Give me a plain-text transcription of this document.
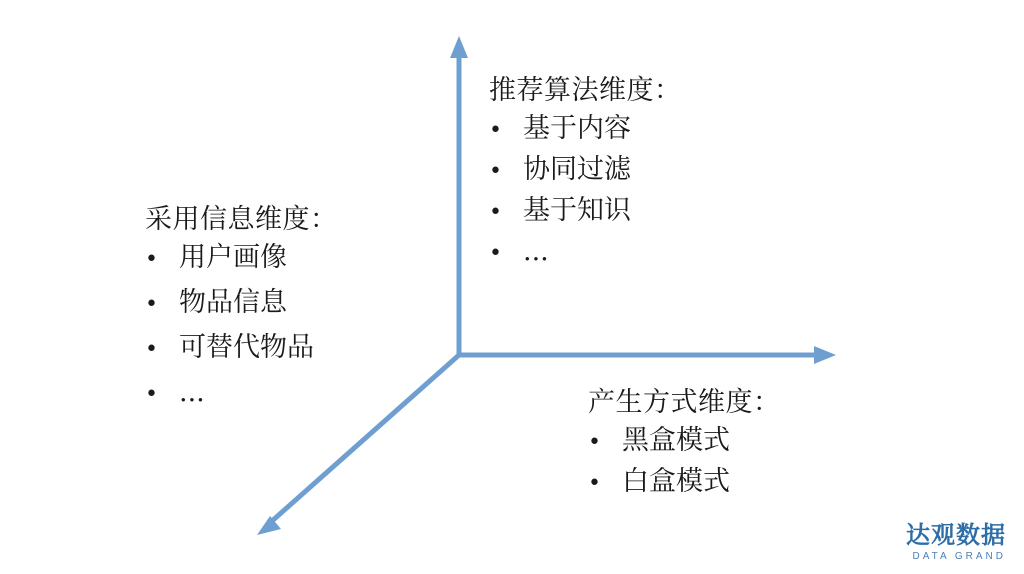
推荐算法维度：
• 基于内容
• 协同过滤
• 基于知识
• ...
采用信息维度：
• 用户画像
• 物品信息
• 可替代物品
• ...	产生方式维度：
• 黑盒模式
• 白盒模式
达观数据
DATA GRAND
